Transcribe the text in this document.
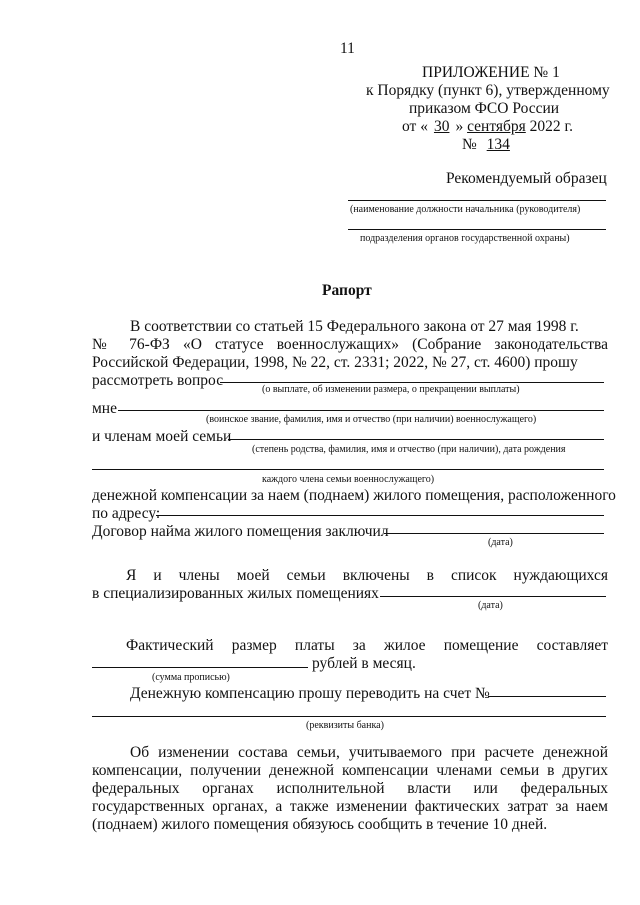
11
ПРИЛОЖЕНИЕ № 1
к Порядку (пункт 6), утвержденному
приказом ФСО России
от « 30 » сентября 2022 г.
№ 134
Рекомендуемый образец
(наименование должности начальника (руководителя)
подразделения органов государственной охраны)
Рапорт
В соответствии со статьей 15 Федерального закона от 27 мая 1998 г.
№ 76-ФЗ «О статусе военнослужащих» (Собрание законодательства
Российской Федерации, 1998, № 22, ст. 2331; 2022, № 27, ст. 4600) прошу
рассмотреть вопрос
(о выплате, об изменении размера, о прекращении выплаты)
мне
(воинское звание, фамилия, имя и отчество (при наличии) военнослужащего)
и членам моей семьи
(степень родства, фамилия, имя и отчество (при наличии), дата рождения
каждого члена семьи военнослужащего)
денежной компенсации за наем (поднаем) жилого помещения, расположенного
по адресу:
Договор найма жилого помещения заключил
(дата)
Я и члены моей семьи включены в список нуждающихся
в специализированных жилых помещениях
(дата)
Фактический размер платы за жилое помещение составляет
рублей в месяц.
(сумма прописью)
Денежную компенсацию прошу переводить на счет №
(реквизиты банка)
Об изменении состава семьи, учитываемого при расчете денежной
компенсации, получении денежной компенсации членами семьи в других
федеральных органах исполнительной власти или федеральных
государственных органах, а также изменении фактических затрат за наем
(поднаем) жилого помещения обязуюсь сообщить в течение 10 дней.
